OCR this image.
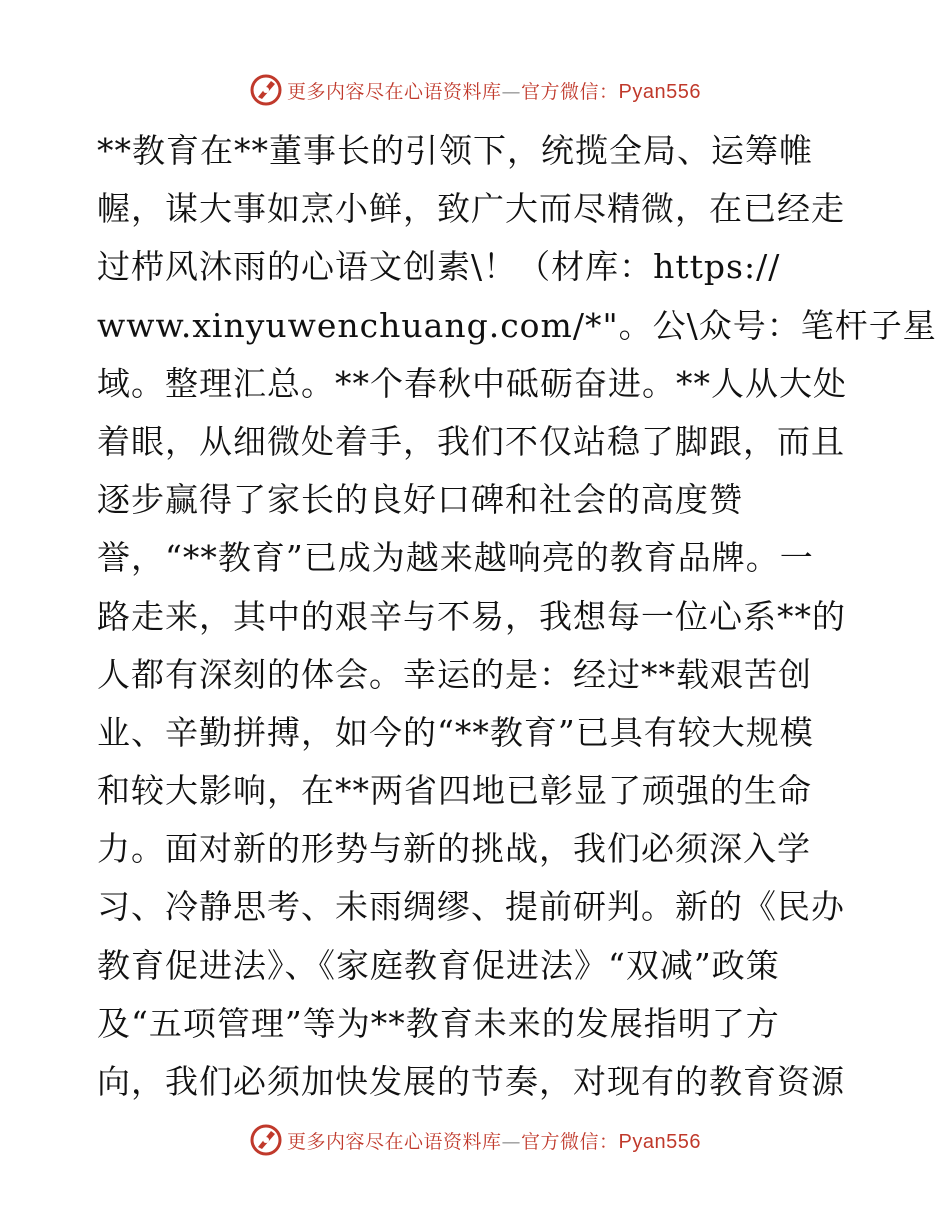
更多内容尽在心语资料库—官方微信：Pyan556
**教育在**董事长的引领下，统揽全局、运筹帷
幄，谋大事如烹小鲜，致广大而尽精微，在已经走
过栉风沐雨的心语文创素\！（材库：https://
www.xinyuwenchuang.com/*"。公\众号：笔杆子星
域。整理汇总。**个春秋中砥砺奋进。**人从大处
着眼，从细微处着手，我们不仅站稳了脚跟，而且
逐步赢得了家长的良好口碑和社会的高度赞
誉，“**教育”已成为越来越响亮的教育品牌。一
路走来，其中的艰辛与不易，我想每一位心系**的
人都有深刻的体会。幸运的是：经过**载艰苦创
业、辛勤拼搏，如今的“**教育”已具有较大规模
和较大影响，在**两省四地已彰显了顽强的生命
力。面对新的形势与新的挑战，我们必须深入学
习、冷静思考、未雨绸缪、提前研判。新的《民办
教育促进法》、《家庭教育促进法》“双减”政策
及“五项管理”等为**教育未来的发展指明了方
向，我们必须加快发展的节奏，对现有的教育资源
更多内容尽在心语资料库—官方微信：Pyan556
